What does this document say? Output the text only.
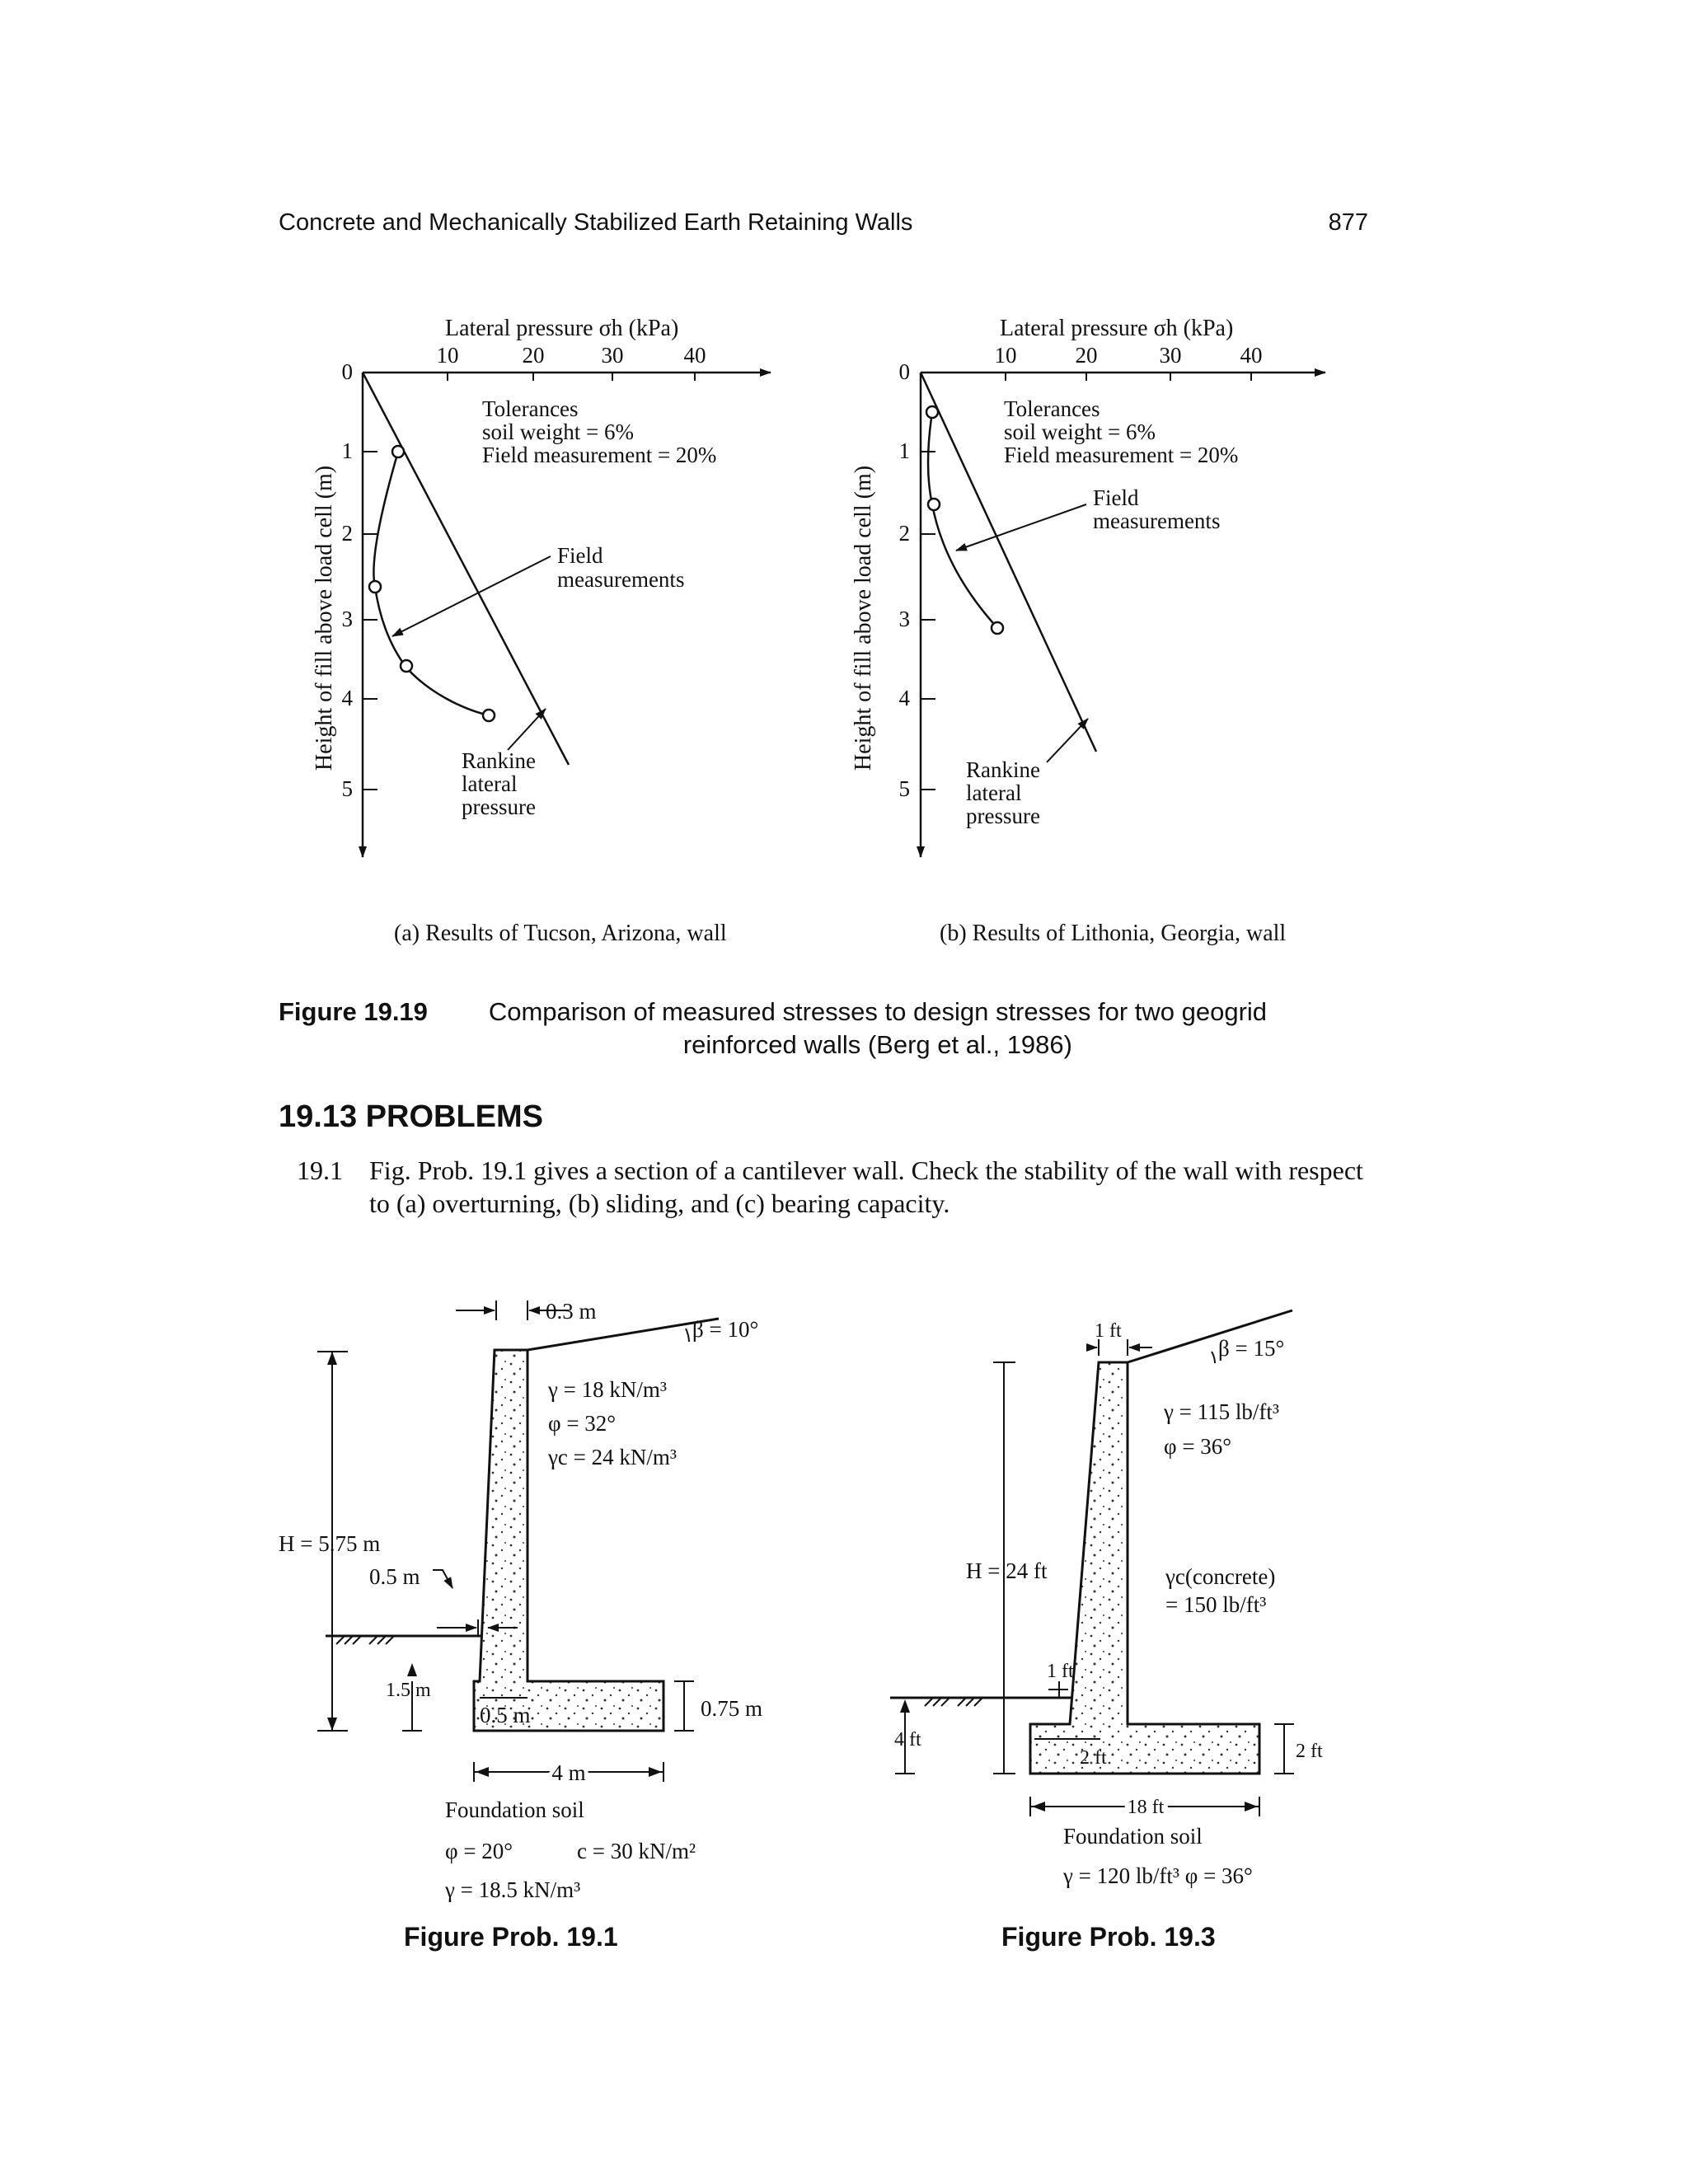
Concrete and Mechanically Stabilized Earth Retaining Walls	877
Lateral pressure σh (kPa)
10	20	30	40
0
1
2
3
4
5
Height of fill above load cell (m)
Tolerances
soil weight = 6%
Field measurement = 20%
Field
measurements
Rankine
lateral
pressure
Lateral pressure σh (kPa)
10	20	30	40
0
1
2
3
4
5
Height of fill above load cell (m)
Tolerances
soil weight = 6%
Field measurement = 20%
Field
measurements
Rankine
lateral
pressure
(a) Results of Tucson, Arizona, wall	(b) Results of Lithonia, Georgia, wall
Figure 19.19 Comparison of measured stresses to design stresses for two geogrid reinforced walls (Berg et al., 1986)
19.13 PROBLEMS
19.1 Fig. Prob. 19.1 gives a section of a cantilever wall. Check the stability of the wall with respect to (a) overturning, (b) sliding, and (c) bearing capacity.
0.3 m
β = 10°
γ = 18 kN/m³
φ = 32°
γc = 24 kN/m³
H = 5.75 m
0.5 m
1.5 m
0.5 m	0.75 m
4 m
Foundation soil
φ = 20°	c = 30 kN/m²
γ = 18.5 kN/m³
1 ft
β = 15°
γ = 115 lb/ft³
φ = 36°
H = 24 ft	γc(concrete)
= 150 lb/ft³
1 ft
4 ft
2 ft	2 ft
18 ft
Foundation soil
γ = 120 lb/ft³ φ = 36°
Figure Prob. 19.1	Figure Prob. 19.3
